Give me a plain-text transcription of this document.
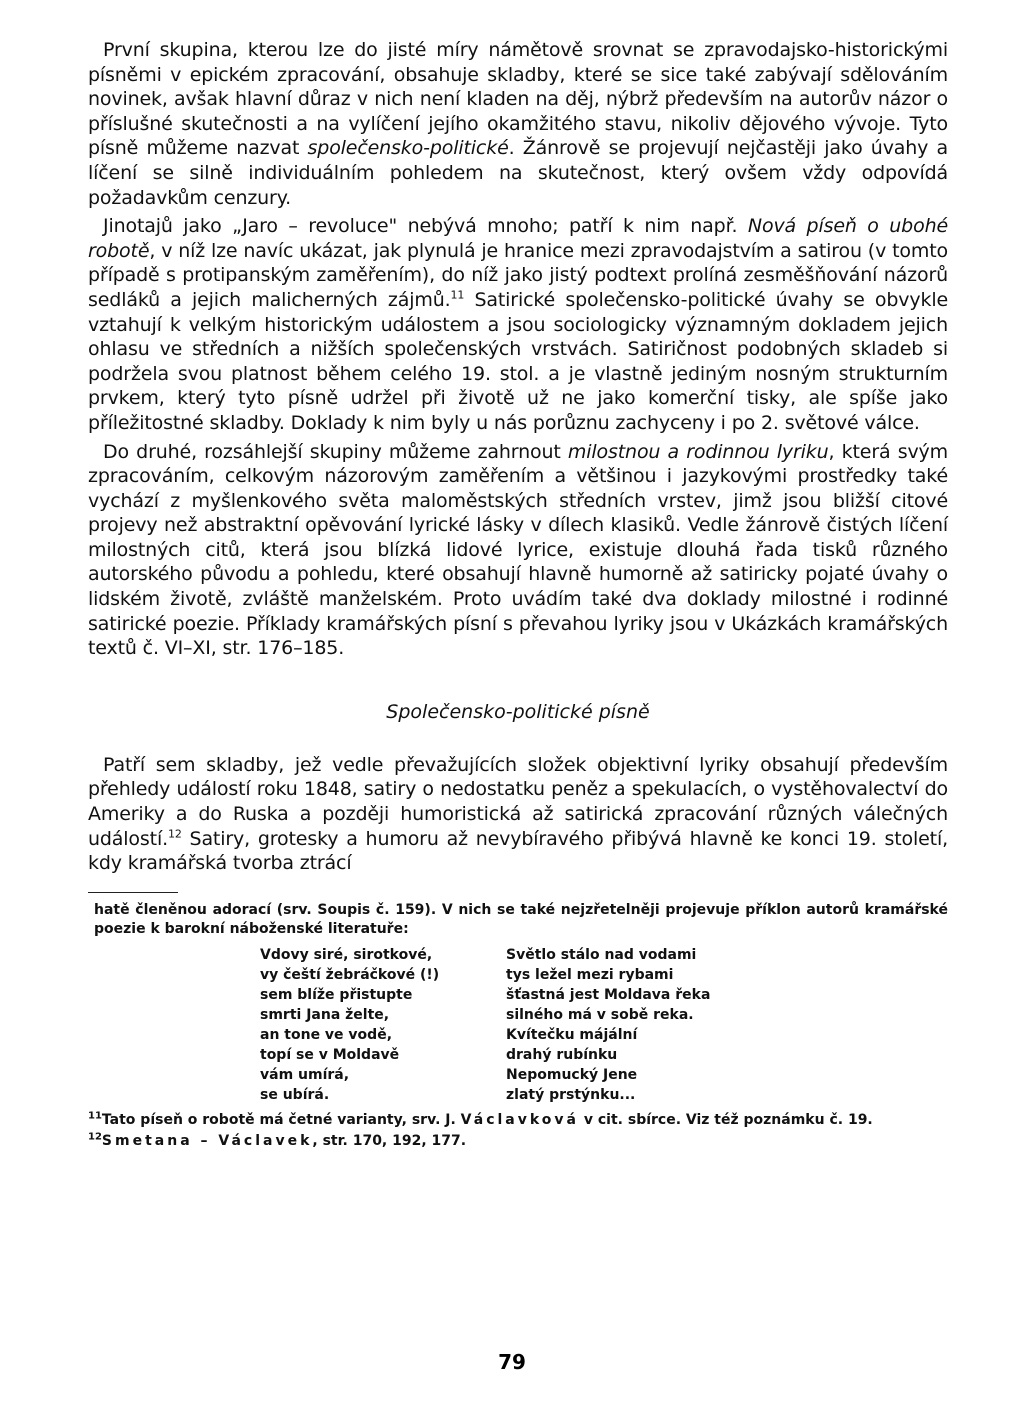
První skupina, kterou lze do jisté míry námětově srovnat se zpravodajsko-historickými písněmi v epickém zpracování, obsahuje skladby, které se sice také zabývají sdělováním novinek, avšak hlavní důraz v nich není kladen na děj, nýbrž především na autorův názor o příslušné skutečnosti a na vylíčení jejího okamžitého stavu, nikoliv dějového vývoje. Tyto písně můžeme nazvat společensko-politické. Žánrově se projevují nejčastěji jako úvahy a líčení se silně individuálním pohledem na skutečnost, který ovšem vždy odpovídá požadavkům cenzury.

Jinotajů jako „Jaro – revoluce" nebývá mnoho; patří k nim např. Nová píseň o ubohé robotě, v níž lze navíc ukázat, jak plynulá je hranice mezi zpravodajstvím a satirou (v tomto případě s protipanským zaměřením), do níž jako jistý podtext prolíná zesměšňování názorů sedláků a jejich malicherných zájmů.$^{11}$ Satirické společensko-politické úvahy se obvykle vztahují k velkým historickým událostem a jsou sociologicky významným dokladem jejich ohlasu ve středních a nižších společenských vrstvách. Satiričnost podobných skladeb si podržela svou platnost během celého 19. stol. a je vlastně jediným nosným strukturním prvkem, který tyto písně udržel při životě už ne jako komerční tisky, ale spíše jako příležitostné skladby. Doklady k nim byly u nás porůznu zachyceny i po 2. světové válce.

Do druhé, rozsáhlejší skupiny můžeme zahrnout milostnou a rodinnou lyriku, která svým zpracováním, celkovým názorovým zaměřením a většinou i jazykovými prostředky také vychází z myšlenkového světa maloměstských středních vrstev, jimž jsou bližší citové projevy než abstraktní opěvování lyrické lásky v dílech klasiků. Vedle žánrově čistých líčení milostných citů, která jsou blízká lidové lyrice, existuje dlouhá řada tisků různého autorského původu a pohledu, které obsahují hlavně humorně až satiricky pojaté úvahy o lidském životě, zvláště manželském. Proto uvádím také dva doklady milostné i rodinné satirické poezie. Příklady kramářských písní s převahou lyriky jsou v Ukázkách kramářských textů č. VI–XI, str. 176–185.

Společensko-politické písně

Patří sem skladby, jež vedle převažujících složek objektivní lyriky obsahují především přehledy událostí roku 1848, satiry o nedostatku peněz a spekulacích, o vystěhovalectví do Ameriky a do Ruska a později humoristická až satirická zpracování různých válečných událostí.$^{12}$ Satiry, grotesky a humoru až nevybíravého přibývá hlavně ke konci 19. století, kdy kramářská tvorba ztrácí

hatě členěnou adorací (srv. Soupis č. 159). V nich se také nejzřetelněji projevuje příklon autorů kramářské poezie k barokní náboženské literatuře:

Vdovy siré, sirotkové,
vy čeští žebráčkové (!)
sem blíže přistupte
smrti Jana želte,
an tone ve vodě,
topí se v Moldavě
vám umírá,
se ubírá.
Světlo stálo nad vodami
tys ležel mezi rybami
šťastná jest Moldava řeka
silného má v sobě reka.
Kvítečku májální
drahý rubínku
Nepomucký Jene
zlatý prstýnku...

$^{11}$Tato píseň o robotě má četné varianty, srv. J. Václavková v cit. sbírce. Viz též poznámku č. 19.

$^{12}$Smetana – Václavek, str. 170, 192, 177.

79
